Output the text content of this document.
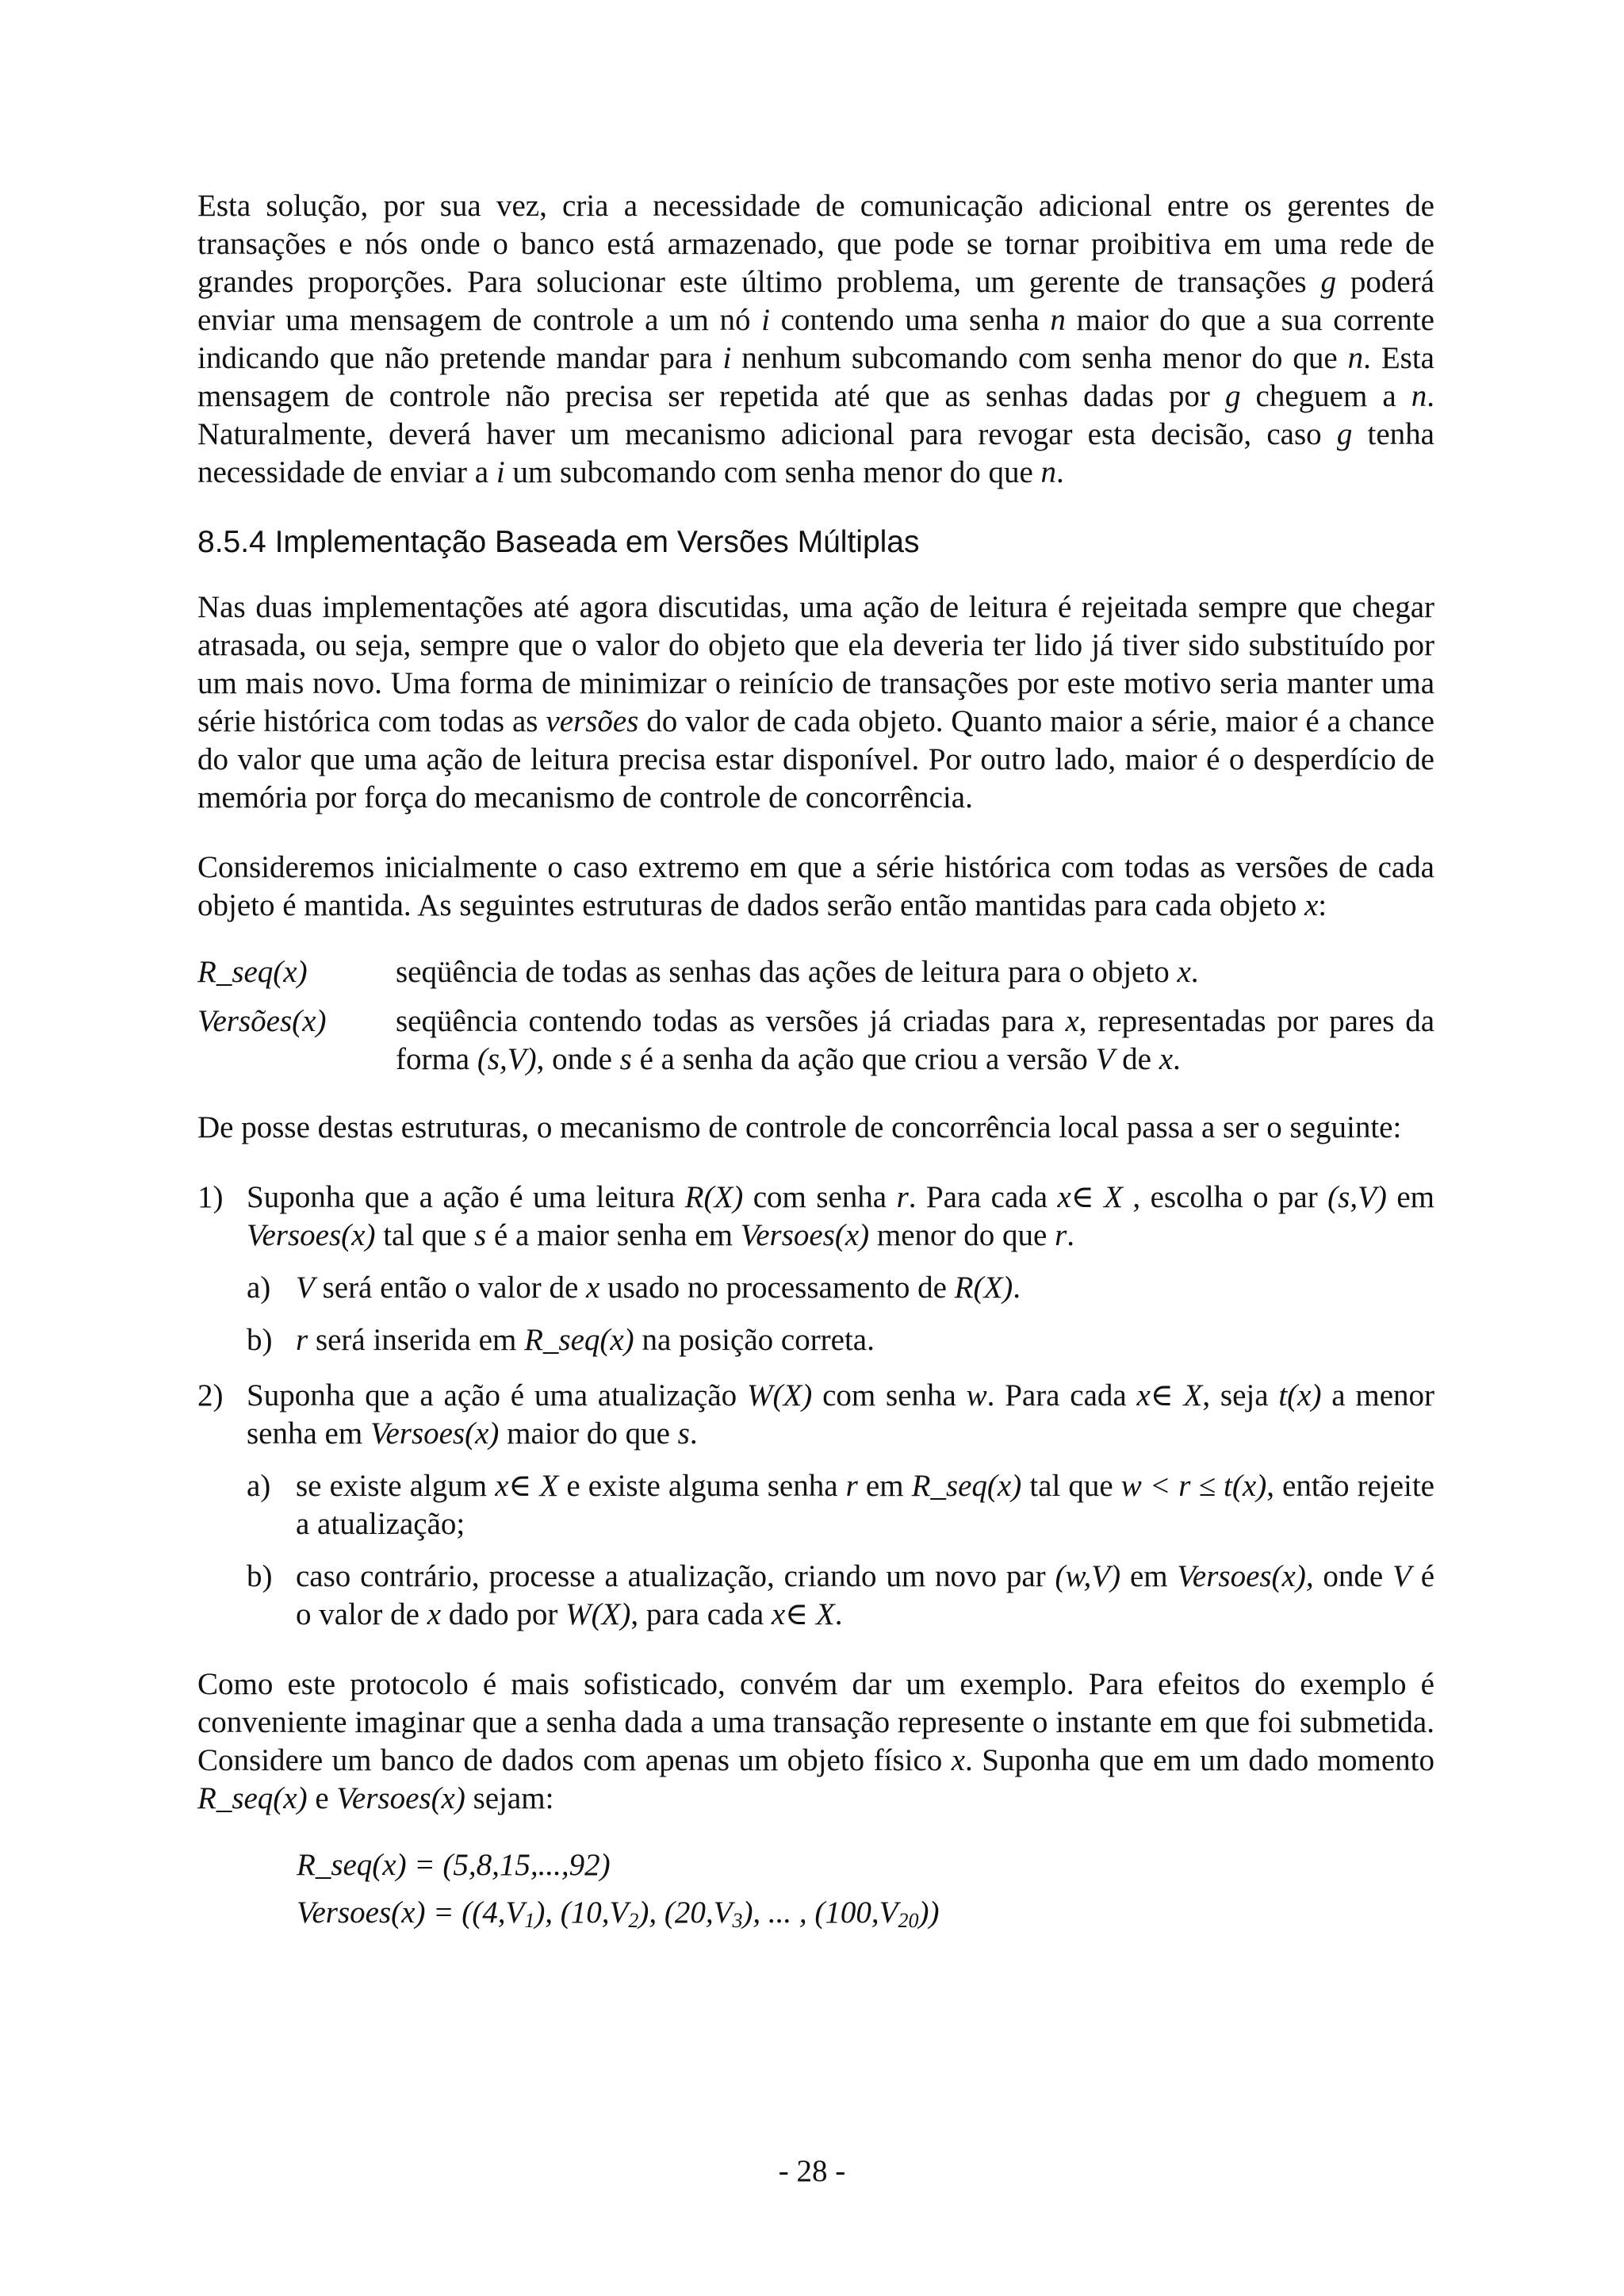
Esta solução, por sua vez, cria a necessidade de comunicação adicional entre os gerentes de transações e nós onde o banco está armazenado, que pode se tornar proibitiva em uma rede de grandes proporções. Para solucionar este último problema, um gerente de transações g poderá enviar uma mensagem de controle a um nó i contendo uma senha n maior do que a sua corrente indicando que não pretende mandar para i nenhum subcomando com senha menor do que n. Esta mensagem de controle não precisa ser repetida até que as senhas dadas por g cheguem a n. Naturalmente, deverá haver um mecanismo adicional para revogar esta decisão, caso g tenha necessidade de enviar a i um subcomando com senha menor do que n.

8.5.4 Implementação Baseada em Versões Múltiplas

Nas duas implementações até agora discutidas, uma ação de leitura é rejeitada sempre que chegar atrasada, ou seja, sempre que o valor do objeto que ela deveria ter lido já tiver sido substituído por um mais novo. Uma forma de minimizar o reinício de transações por este motivo seria manter uma série histórica com todas as versões do valor de cada objeto. Quanto maior a série, maior é a chance do valor que uma ação de leitura precisa estar disponível. Por outro lado, maior é o desperdício de memória por força do mecanismo de controle de concorrência.

Consideremos inicialmente o caso extremo em que a série histórica com todas as versões de cada objeto é mantida. As seguintes estruturas de dados serão então mantidas para cada objeto x:

R_seq(x)	seqüência de todas as senhas das ações de leitura para o objeto x.
Versões(x)	seqüência contendo todas as versões já criadas para x, representadas por pares da forma (s,V), onde s é a senha da ação que criou a versão V de x.

De posse destas estruturas, o mecanismo de controle de concorrência local passa a ser o seguinte:

1) Suponha que a ação é uma leitura R(X) com senha r. Para cada x∈ X , escolha o par (s,V) em Versoes(x) tal que s é a maior senha em Versoes(x) menor do que r.

a) V será então o valor de x usado no processamento de R(X).
b) r será inserida em R_seq(x) na posição correta.
2) Suponha que a ação é uma atualização W(X) com senha w. Para cada x∈ X, seja t(x) a menor senha em Versoes(x) maior do que s.

a) se existe algum x∈ X e existe alguma senha r em R_seq(x) tal que w < r ≤ t(x), então rejeite a atualização;
b) caso contrário, processe a atualização, criando um novo par (w,V) em Versoes(x), onde V é o valor de x dado por W(X), para cada x∈ X.

Como este protocolo é mais sofisticado, convém dar um exemplo. Para efeitos do exemplo é conveniente imaginar que a senha dada a uma transação represente o instante em que foi submetida. Considere um banco de dados com apenas um objeto físico x. Suponha que em um dado momento R_seq(x) e Versoes(x) sejam:

R_seq(x) = (5,8,15,...,92)
Versoes(x) = ($(4,V_1)$, $(10,V_2)$, $(20,V_3)$, ... , $(100,V_{20})$)
- 28 -
